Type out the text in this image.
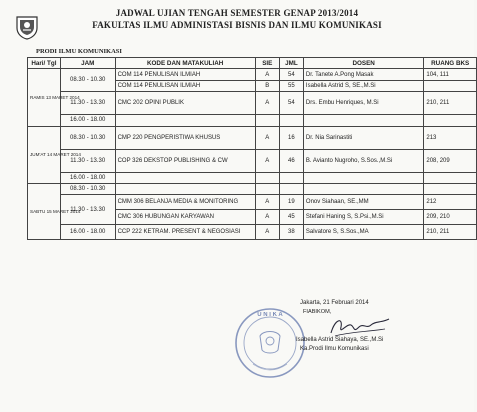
JADWAL UJIAN TENGAH SEMESTER GENAP 2013/2014
FAKULTAS ILMU ADMINISTASI BISNIS DAN ILMU KOMUNIKASI
PRODI ILMU KOMUNIKASI
Hari/ Tgl	JAM	KODE DAN MATAKULIAH	SIE	JML	DOSEN	RUANG BKS
RAMIS 13 MARET 2014	08.30 - 10.30	COM 114 PENULISAN ILMIAH	A	54	Dr. Tanete A.Pong Masak	104, 111
		COM 114 PENULISAN ILMIAH	B	55	Isabella Astrid S, SE.,M.Si	
	11.30 - 13.30	CMC 202 OPINI PUBLIK	A	54	Drs. Embu Henriques, M.Si	210, 211
	16.00 - 18.00					
JUM'AT 14 MARET 2014	08.30 - 10.30	CMP 220 PENGPERISTIWA KHUSUS	A	16	Dr. Nia Sarinastiti	213
	11.30 - 13.30	COP 326 DEKSTOP PUBLISHING & CW	A	46	B. Avianto Nugroho, S.Sos.,M.Si	208, 209
	16.00 - 18.00					
SABTU 15 MARET 2014	08.30 - 10.30					
	11.30 - 13.30	CMM 306 BELANJA MEDIA & MONITORING	A	19	Onov Siahaan, SE.,MM	212
		CMC 306 HUBUNGAN KARYAWAN	A	45	Stefani Haning S, S.Psi.,M.Si	209, 210
	16.00 - 18.00	CCP 222 KETRAM. PRESENT & NEGOSIASI	A	38	Salvatore S, S.Sos.,MA	210, 211
U N I K A
Jakarta, 21 Februari 2014
FIABIKOM,
Isabella Astrid Siahaya, SE.,M.Si
Ka.Prodi Ilmu Komunikasi
